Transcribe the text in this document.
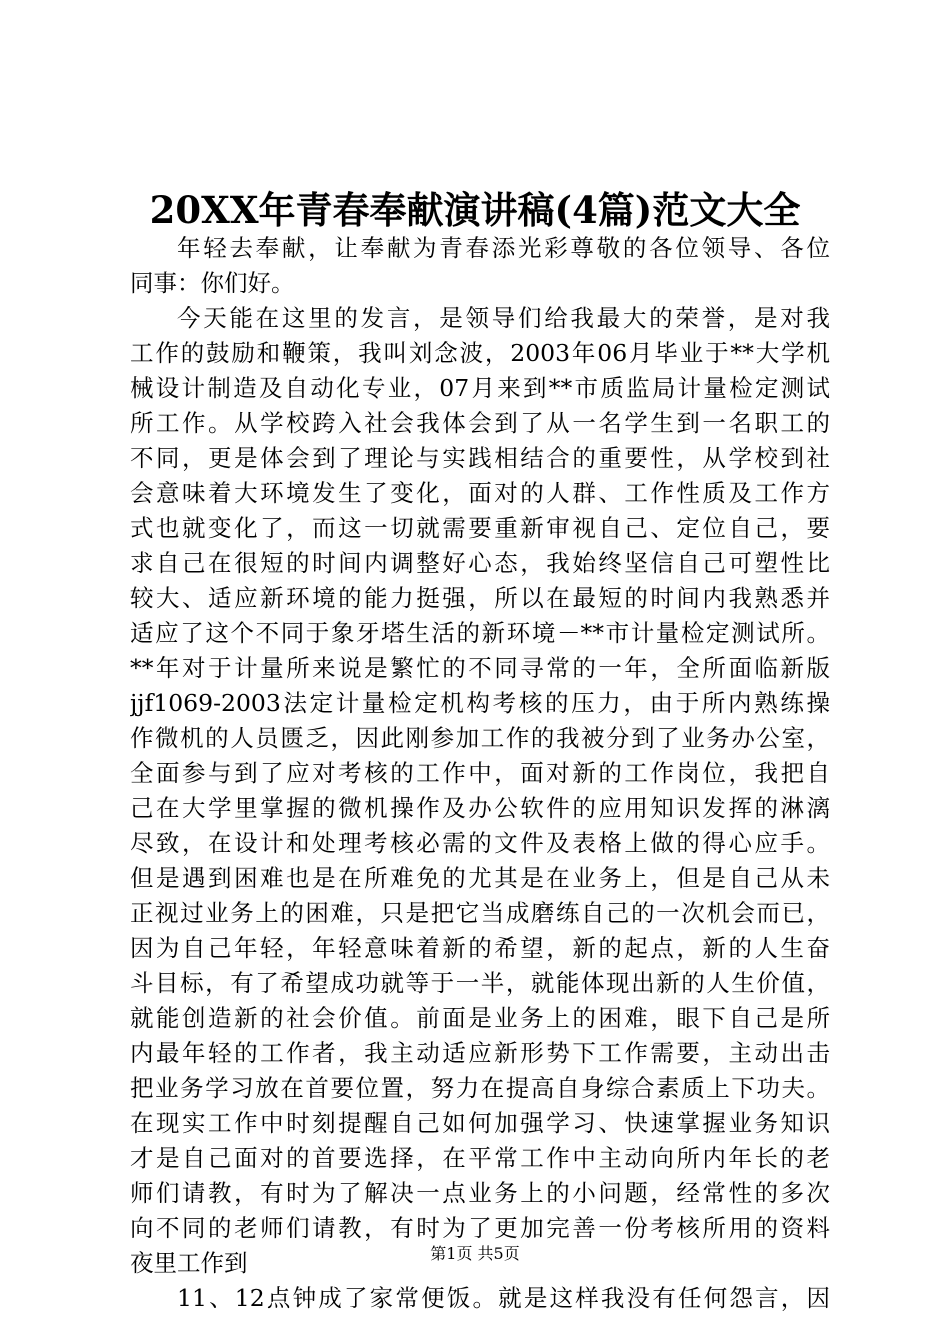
20XX年青春奉献演讲稿(4篇)范文大全
年轻去奉献，让奉献为青春添光彩尊敬的各位领导、各位
同事：你们好。
今天能在这里的发言，是领导们给我最大的荣誉，是对我
工作的鼓励和鞭策，我叫刘念波，2003年06月毕业于**大学机
械设计制造及自动化专业，07月来到**市质监局计量检定测试
所工作。从学校跨入社会我体会到了从一名学生到一名职工的
不同，更是体会到了理论与实践相结合的重要性，从学校到社
会意味着大环境发生了变化，面对的人群、工作性质及工作方
式也就变化了，而这一切就需要重新审视自己、定位自己，要
求自己在很短的时间内调整好心态，我始终坚信自己可塑性比
较大、适应新环境的能力挺强，所以在最短的时间内我熟悉并
适应了这个不同于象牙塔生活的新环境－**市计量检定测试所。
**年对于计量所来说是繁忙的不同寻常的一年，全所面临新版
jjf1069-2003法定计量检定机构考核的压力，由于所内熟练操
作微机的人员匮乏，因此刚参加工作的我被分到了业务办公室，
全面参与到了应对考核的工作中，面对新的工作岗位，我把自
己在大学里掌握的微机操作及办公软件的应用知识发挥的淋漓
尽致，在设计和处理考核必需的文件及表格上做的得心应手。
但是遇到困难也是在所难免的尤其是在业务上，但是自己从未
正视过业务上的困难，只是把它当成磨练自己的一次机会而已，
因为自己年轻，年轻意味着新的希望，新的起点，新的人生奋
斗目标，有了希望成功就等于一半，就能体现出新的人生价值，
就能创造新的社会价值。前面是业务上的困难，眼下自己是所
内最年轻的工作者，我主动适应新形势下工作需要，主动出击
把业务学习放在首要位置，努力在提高自身综合素质上下功夫。
在现实工作中时刻提醒自己如何加强学习、快速掌握业务知识
才是自己面对的首要选择，在平常工作中主动向所内年长的老
师们请教，有时为了解决一点业务上的小问题，经常性的多次
向不同的老师们请教，有时为了更加完善一份考核所用的资料
夜里工作到
11、12点钟成了家常便饭。就是这样我没有任何怨言，因
第1页 共5页
